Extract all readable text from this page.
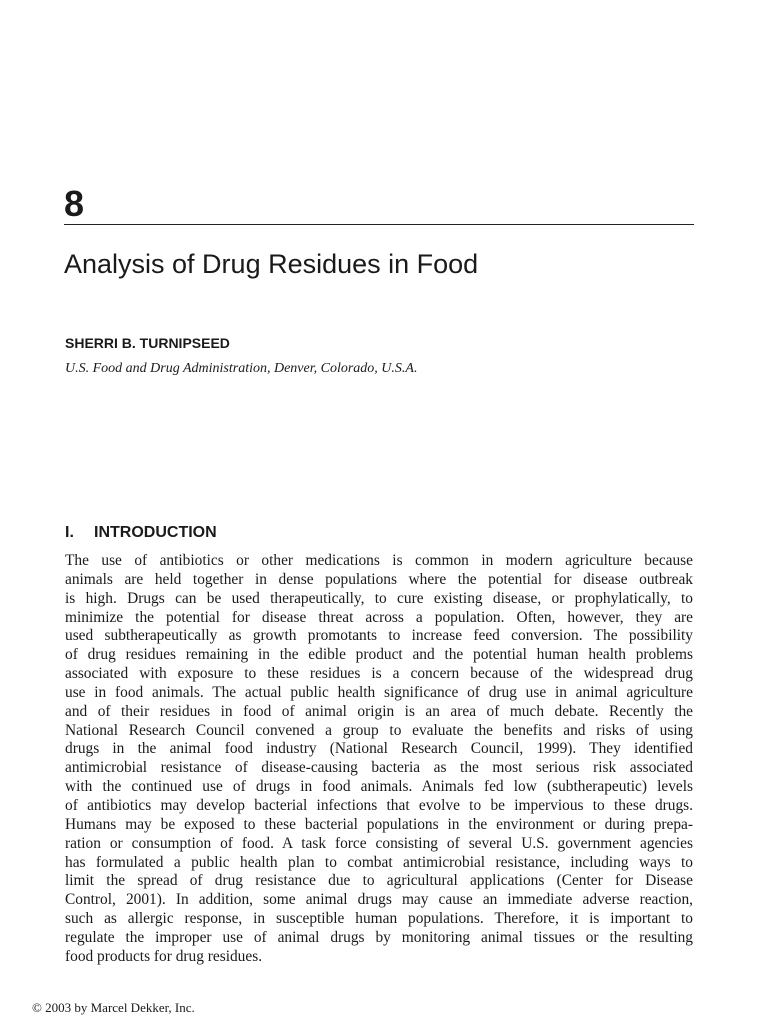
8
Analysis of Drug Residues in Food
SHERRI B. TURNIPSEED
U.S. Food and Drug Administration, Denver, Colorado, U.S.A.
I. INTRODUCTION
The use of antibiotics or other medications is common in modern agriculture because
animals are held together in dense populations where the potential for disease outbreak
is high. Drugs can be used therapeutically, to cure existing disease, or prophylatically, to
minimize the potential for disease threat across a population. Often, however, they are
used subtherapeutically as growth promotants to increase feed conversion. The possibility
of drug residues remaining in the edible product and the potential human health problems
associated with exposure to these residues is a concern because of the widespread drug
use in food animals. The actual public health significance of drug use in animal agriculture
and of their residues in food of animal origin is an area of much debate. Recently the
National Research Council convened a group to evaluate the benefits and risks of using
drugs in the animal food industry (National Research Council, 1999). They identified
antimicrobial resistance of disease-causing bacteria as the most serious risk associated
with the continued use of drugs in food animals. Animals fed low (subtherapeutic) levels
of antibiotics may develop bacterial infections that evolve to be impervious to these drugs.
Humans may be exposed to these bacterial populations in the environment or during prepa-
ration or consumption of food. A task force consisting of several U.S. government agencies
has formulated a public health plan to combat antimicrobial resistance, including ways to
limit the spread of drug resistance due to agricultural applications (Center for Disease
Control, 2001). In addition, some animal drugs may cause an immediate adverse reaction,
such as allergic response, in susceptible human populations. Therefore, it is important to
regulate the improper use of animal drugs by monitoring animal tissues or the resulting
food products for drug residues.
© 2003 by Marcel Dekker, Inc.
